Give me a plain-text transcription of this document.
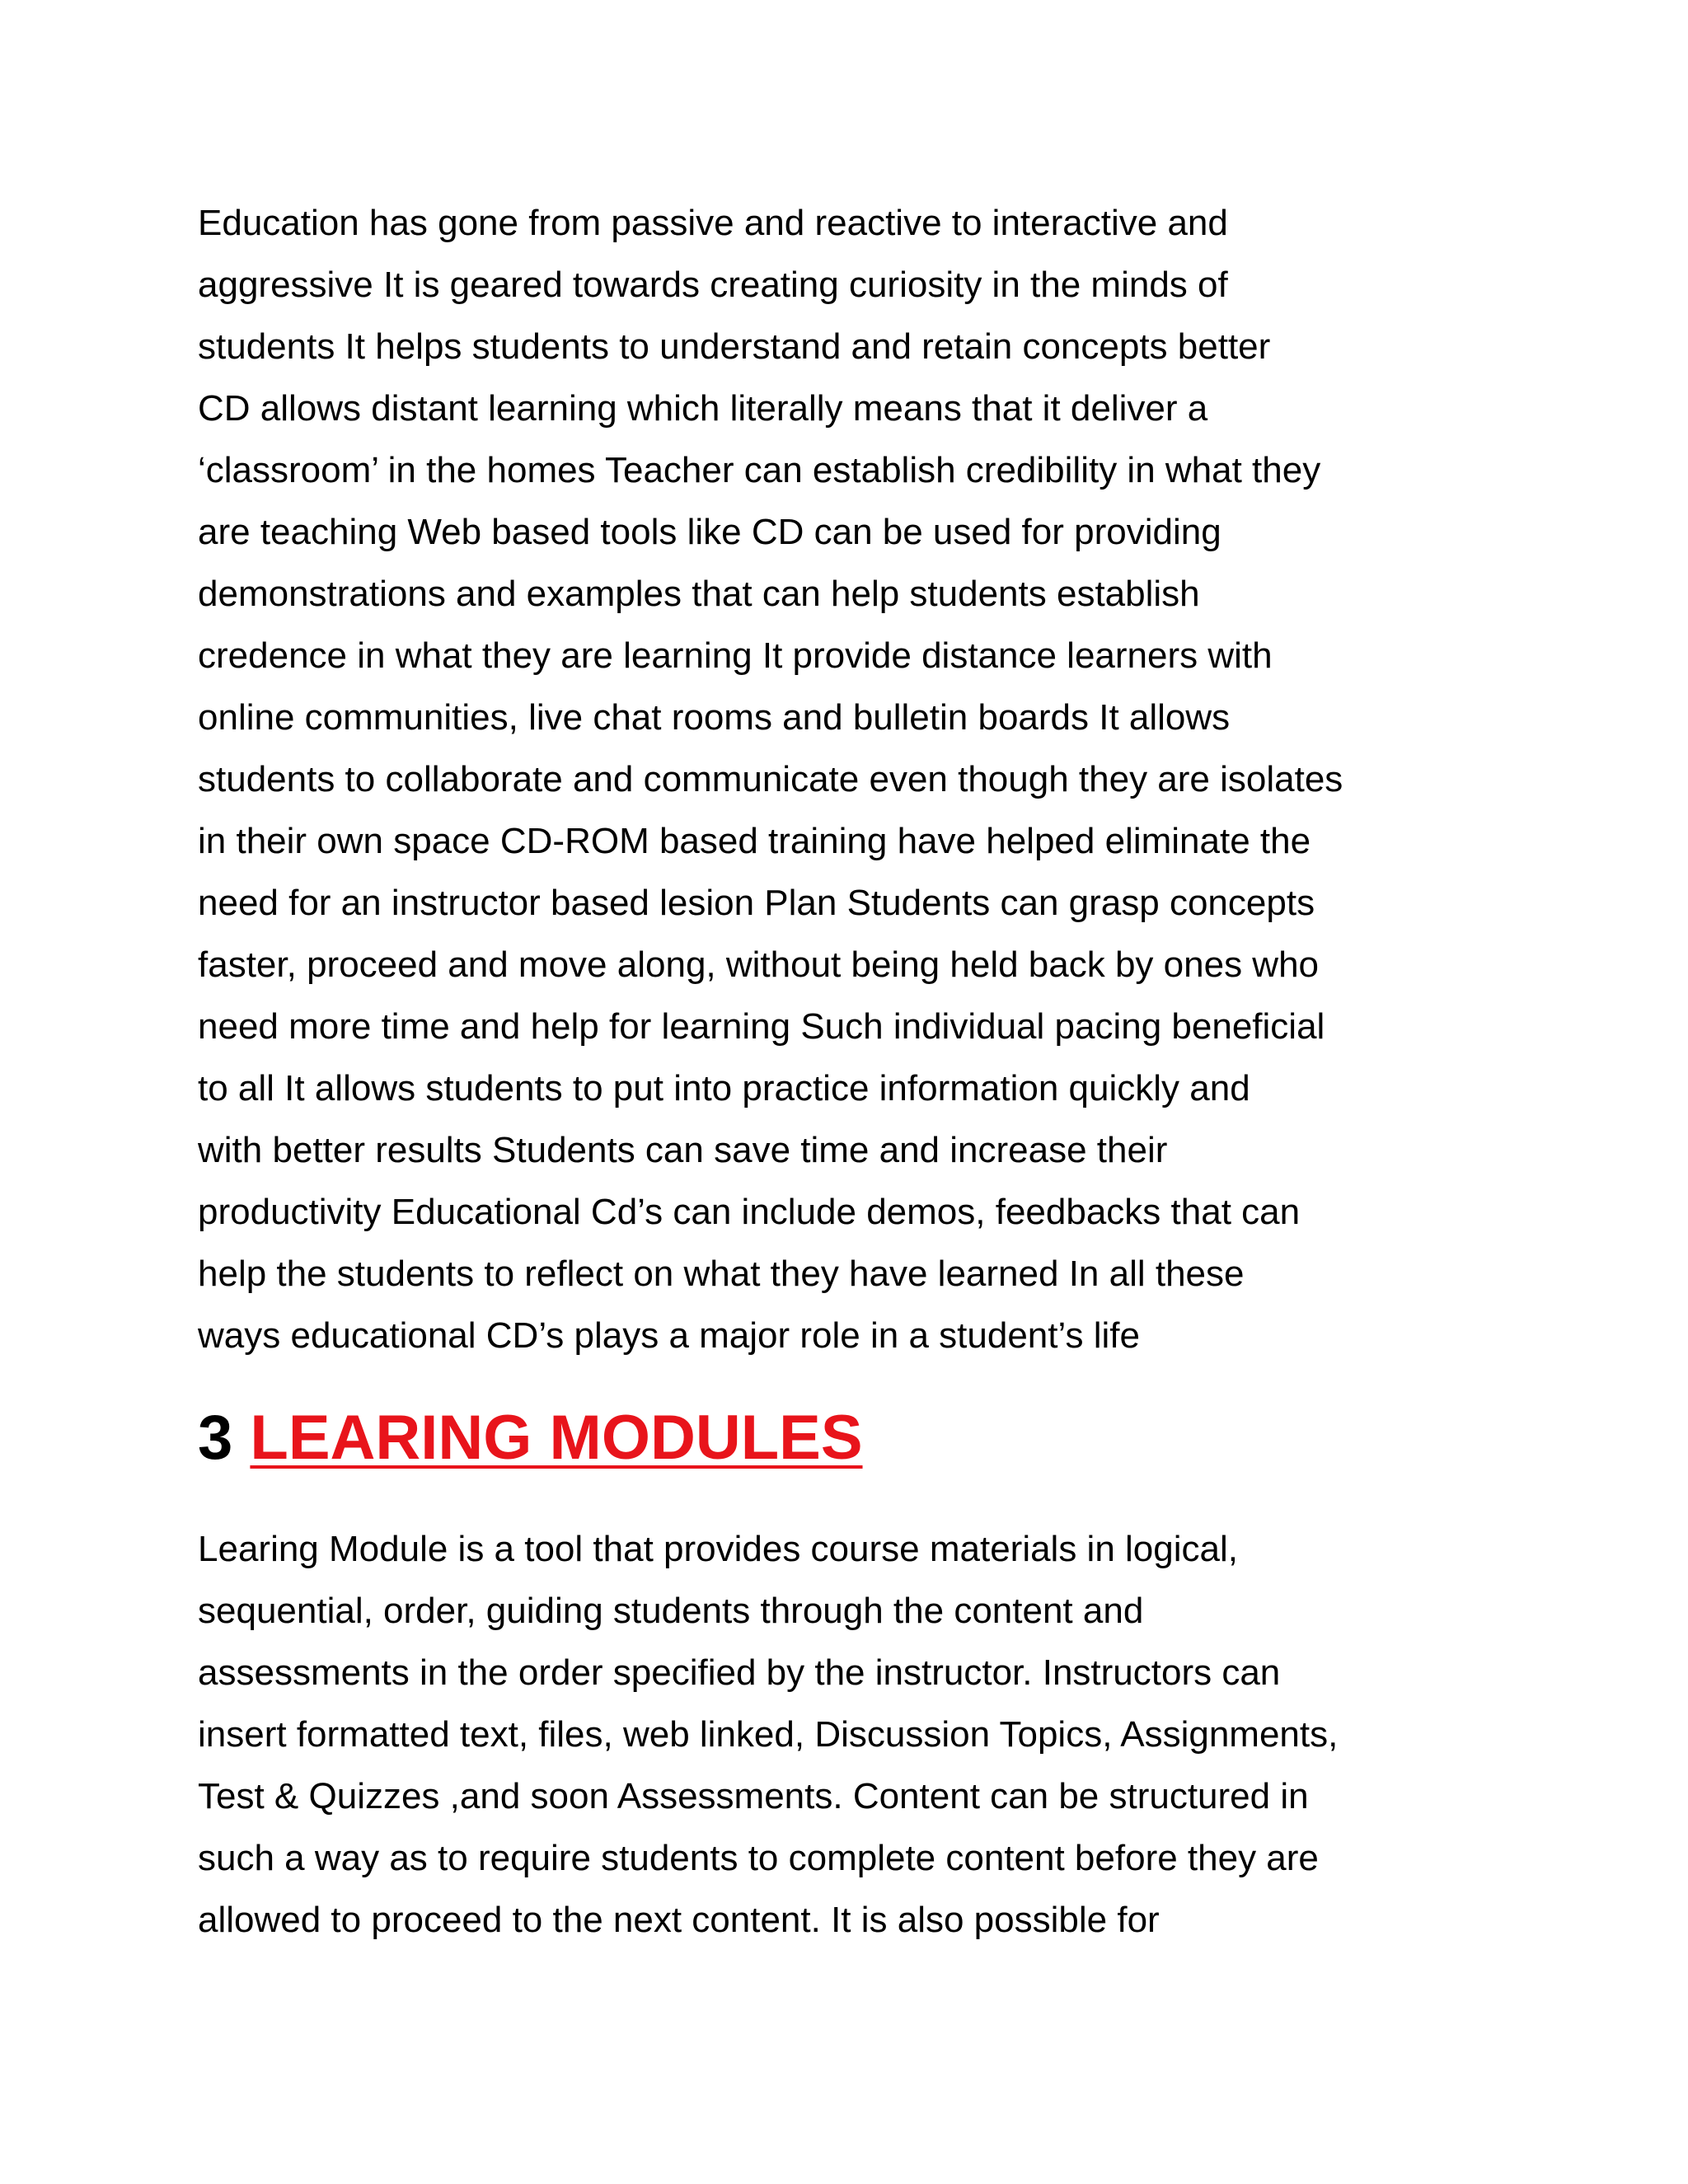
Education has gone from passive and reactive to interactive and
aggressive It is geared towards creating curiosity in the minds of
students It helps students to understand and retain concepts better
CD allows distant learning which literally means that it deliver a
‘classroom’ in the homes Teacher can establish credibility in what they
are teaching Web based tools like CD can be used for providing
demonstrations and examples that can help students establish
credence in what they are learning It provide distance learners with
online communities, live chat rooms and bulletin boards It allows
students to collaborate and communicate even though they are isolates
in their own space CD-ROM based training have helped eliminate the
need for an instructor based lesion Plan Students can grasp concepts
faster, proceed and move along, without being held back by ones who
need more time and help for learning Such individual pacing beneficial
to all It allows students to put into practice information quickly and
with better results Students can save time and increase their
productivity Educational Cd’s can include demos, feedbacks that can
help the students to reflect on what they have learned In all these
ways educational CD’s plays a major role in a student’s life
3 LEARING MODULES
Learing Module is a tool that provides course materials in logical,
sequential, order, guiding students through the content and
assessments in the order specified by the instructor. Instructors can
insert formatted text, files, web linked, Discussion Topics, Assignments,
Test & Quizzes ,and soon Assessments. Content can be structured in
such a way as to require students to complete content before they are
allowed to proceed to the next content. It is also possible for
